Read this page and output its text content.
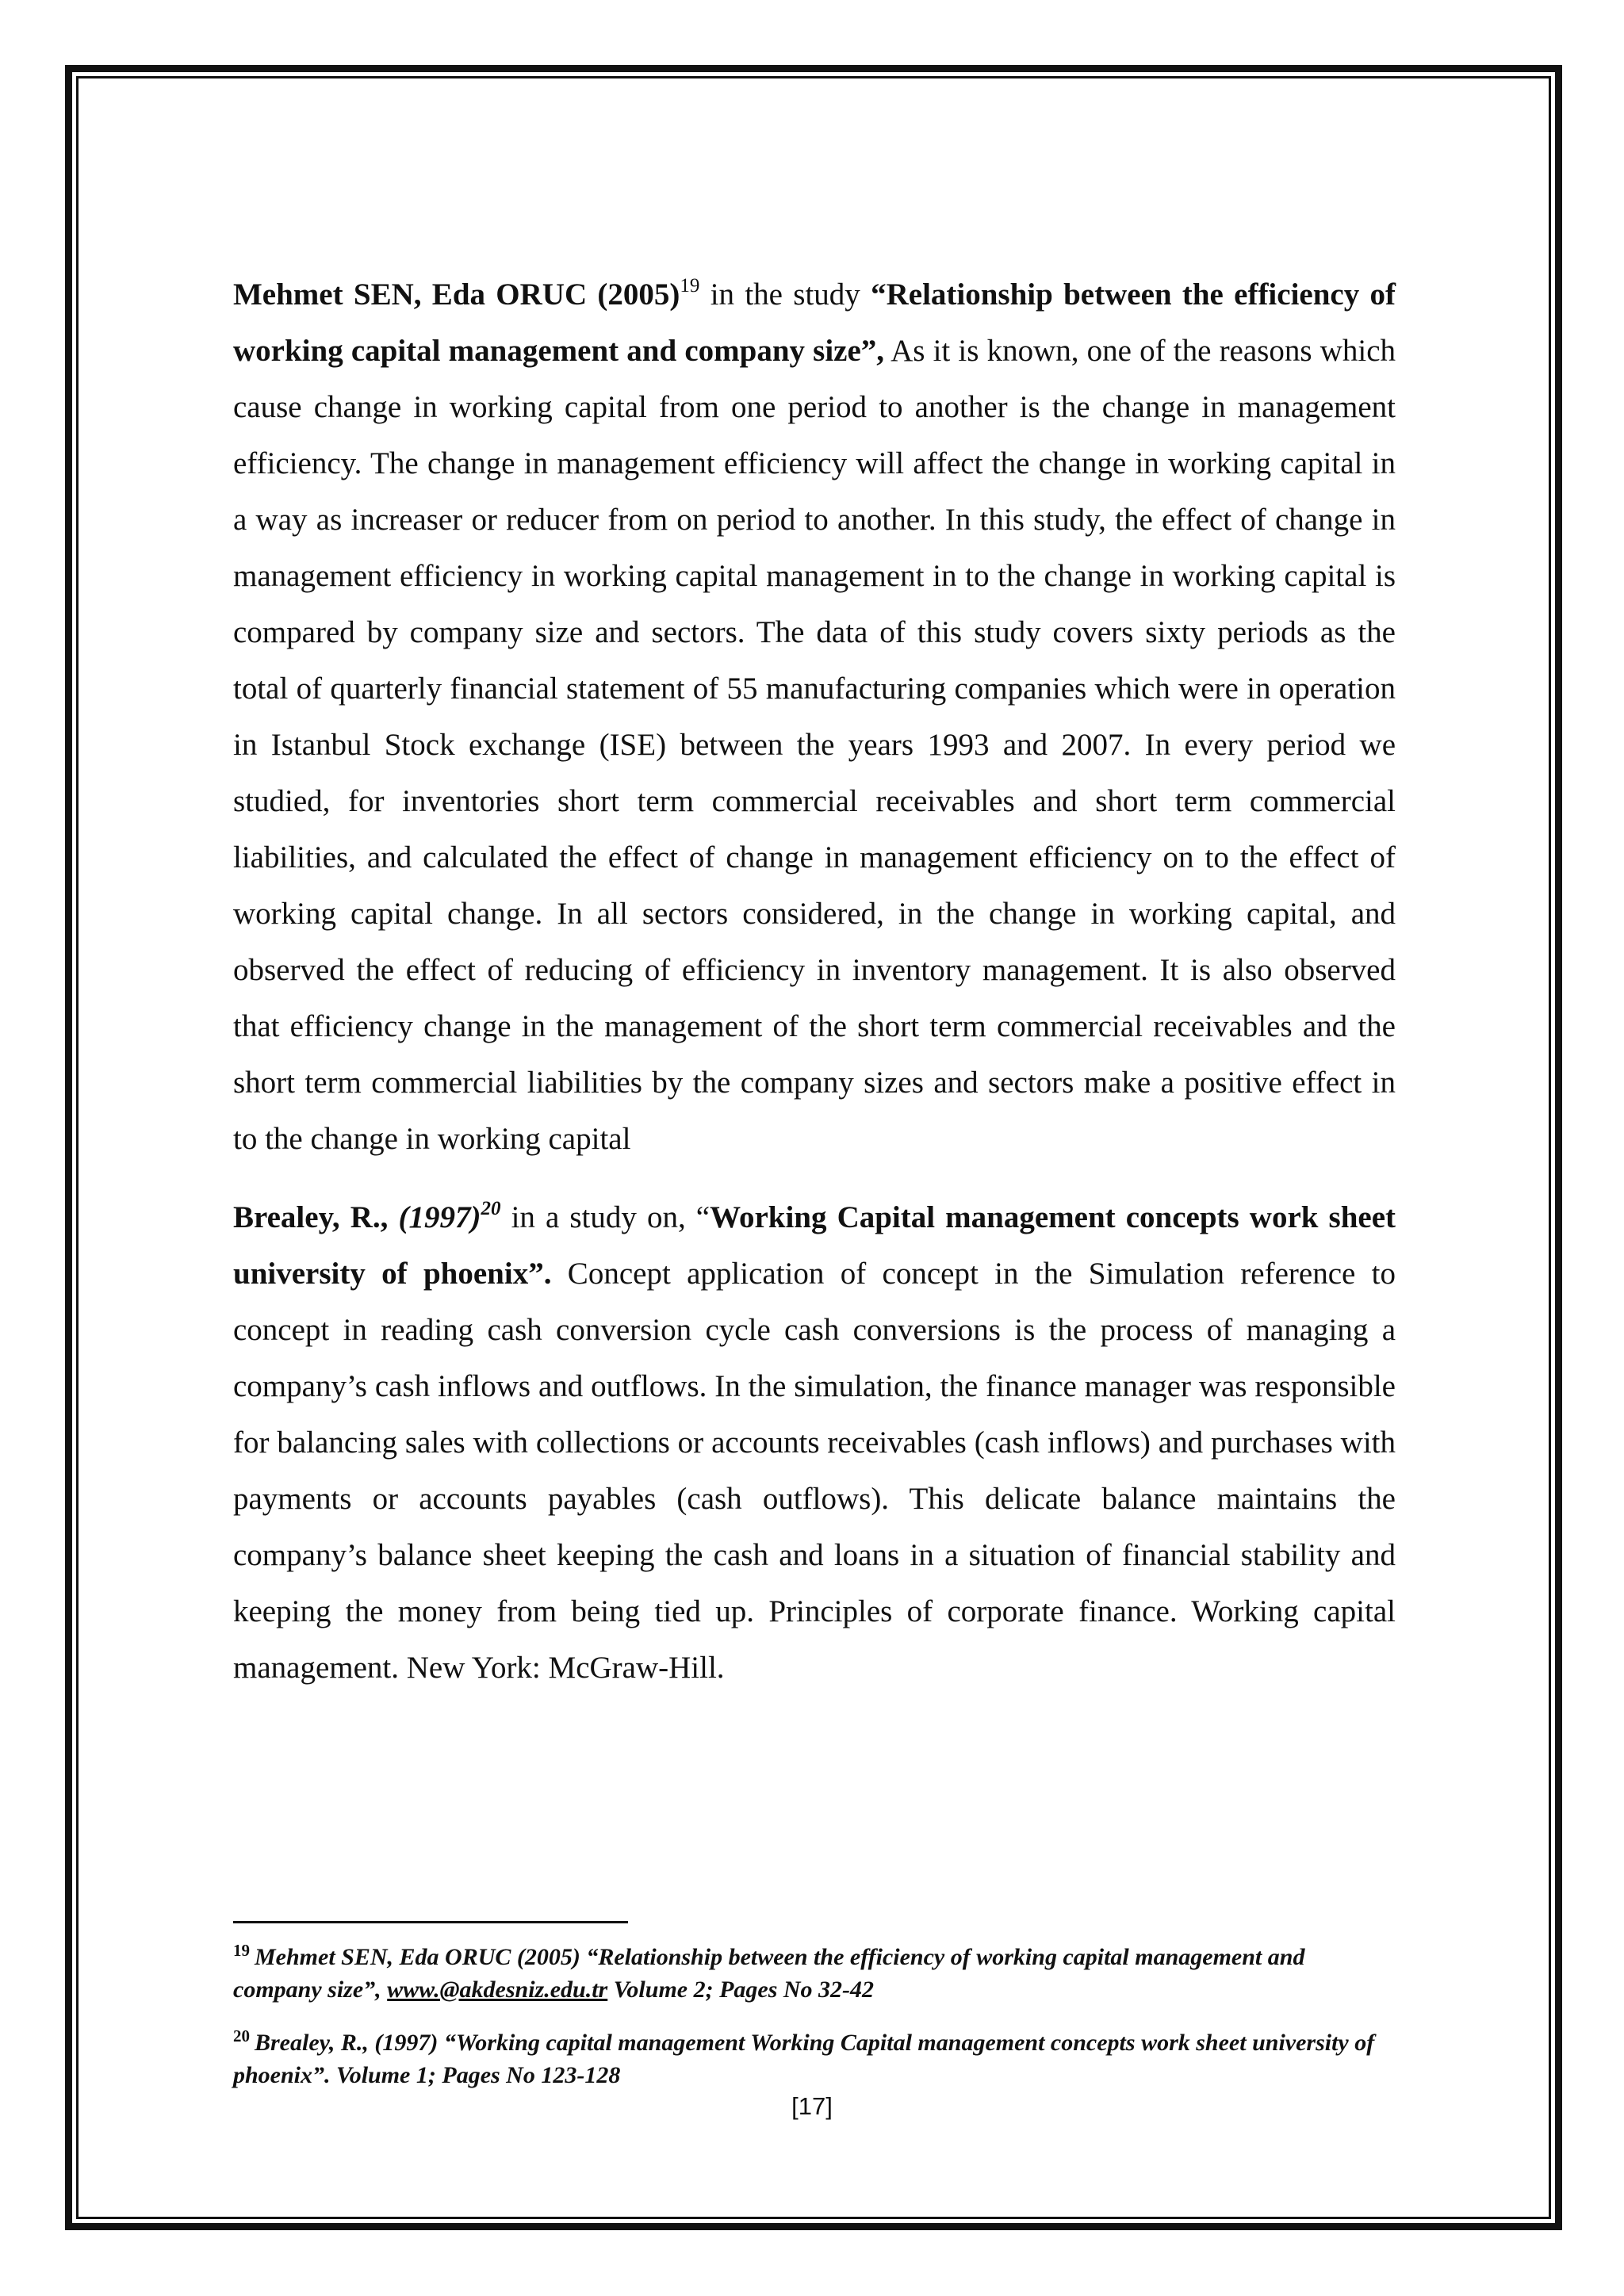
Mehmet SEN, Eda ORUC $(2005)^{19}$ in the study “Relationship between the efficiency of working capital management and company size”, As it is known, one of the reasons which cause change in working capital from one period to another is the change in management efficiency. The change in management efficiency will affect the change in working capital in a way as increaser or reducer from on period to another. In this study, the effect of change in management efficiency in working capital management in to the change in working capital is compared by company size and sectors. The data of this study covers sixty periods as the total of quarterly financial statement of 55 manufacturing companies which were in operation in Istanbul Stock exchange (ISE) between the years 1993 and 2007. In every period we studied, for inventories short term commercial receivables and short term commercial liabilities, and calculated the effect of change in management efficiency on to the effect of working capital change. In all sectors considered, in the change in working capital, and observed the effect of reducing of efficiency in inventory management. It is also observed that efficiency change in the management of the short term commercial receivables and the short term commercial liabilities by the company sizes and sectors make a positive effect in to the change in working capital

Brealey, R., $(1997)^{20}$ in a study on, “Working Capital management concepts work sheet university of phoenix”. Concept application of concept in the Simulation reference to concept in reading cash conversion cycle cash conversions is the process of managing a company’s cash inflows and outflows. In the simulation, the finance manager was responsible for balancing sales with collections or accounts receivables (cash inflows) and purchases with payments or accounts payables (cash outflows). This delicate balance maintains the company’s balance sheet keeping the cash and loans in a situation of financial stability and keeping the money from being tied up. Principles of corporate finance. Working capital management. New York: McGraw-Hill.

$^{19}$ Mehmet SEN, Eda ORUC (2005) “Relationship between the efficiency of working capital management and company size”, www.@akdesniz.edu.tr Volume 2; Pages No 32-42
$^{20}$ Brealey, R., (1997) “Working capital management Working Capital management concepts work sheet university of phoenix”. Volume 1; Pages No 123-128
[17]
